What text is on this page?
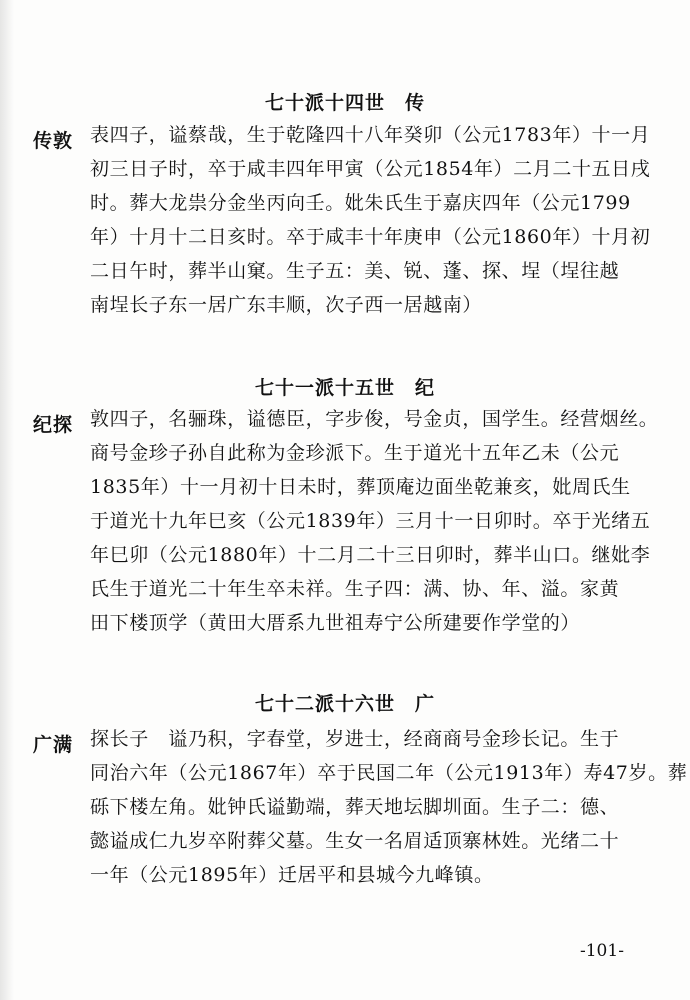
七十派十四世　传
传敦 表四子，谥蔡哉，生于乾隆四十八年癸卯（公元1783年）十一月
初三日子时，卒于咸丰四年甲寅（公元1854年）二月二十五日戌
时。葬大龙祟分金坐丙向壬。妣朱氏生于嘉庆四年（公元1799
年）十月十二日亥时。卒于咸丰十年庚申（公元1860年）十月初
二日午时，葬半山窠。生子五：美、锐、蓬、探、埕（埕往越
南埕长子东一居广东丰顺，次子西一居越南）
七十一派十五世　纪
纪探 敦四子，名骊珠，谥德臣，字步俊，号金贞，国学生。经营烟丝。
商号金珍子孙自此称为金珍派下。生于道光十五年乙未（公元
1835年）十一月初十日未时，葬顶庵边面坐乾兼亥，妣周氏生
于道光十九年巳亥（公元1839年）三月十一日卯时。卒于光绪五
年巳卯（公元1880年）十二月二十三日卯时，葬半山口。继妣李
氏生于道光二十年生卒未祥。生子四：满、协、年、溢。家黄
田下楼顶学（黄田大厝系九世祖寿宁公所建要作学堂的）
七十二派十六世　广
广满 探长子　谥乃积，字春堂，岁进士，经商商号金珍长记。生于
同治六年（公元1867年）卒于民国二年（公元1913年）寿47岁。葬
砾下楼左角。妣钟氏谥勤端，葬天地坛脚圳面。生子二：德、
懿谥成仁九岁卒附葬父墓。生女一名眉适顶寨林姓。光绪二十
一年（公元1895年）迁居平和县城今九峰镇。
-101-
